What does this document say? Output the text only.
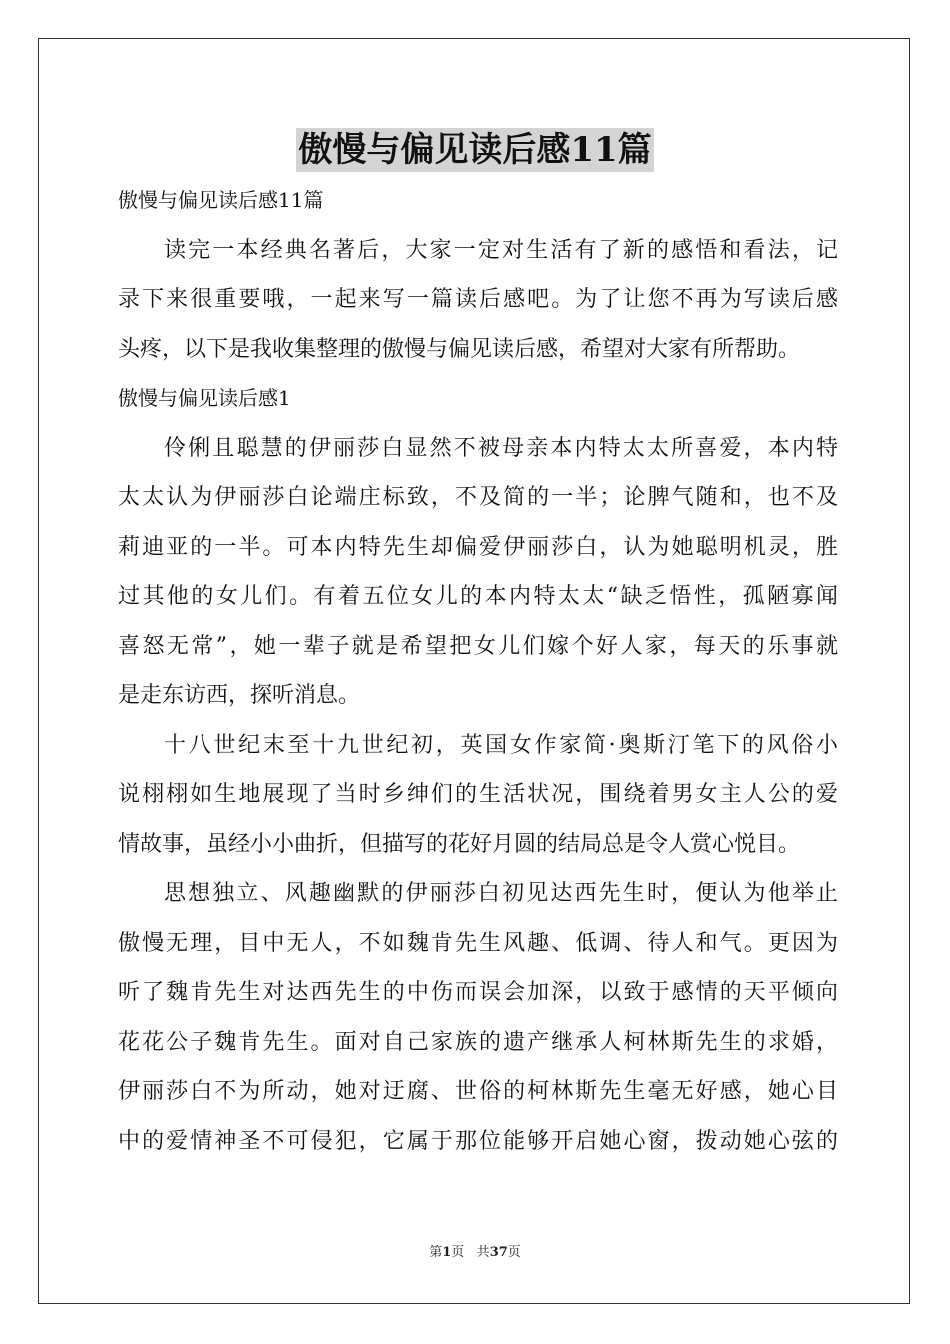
傲慢与偏见读后感11篇
傲慢与偏见读后感11篇
读完一本经典名著后，大家一定对生活有了新的感悟和看法，记
录下来很重要哦，一起来写一篇读后感吧。为了让您不再为写读后感
头疼，以下是我收集整理的傲慢与偏见读后感，希望对大家有所帮助。
傲慢与偏见读后感1
伶俐且聪慧的伊丽莎白显然不被母亲本内特太太所喜爱，本内特
太太认为伊丽莎白论端庄标致，不及简的一半；论脾气随和，也不及
莉迪亚的一半。可本内特先生却偏爱伊丽莎白，认为她聪明机灵，胜
过其他的女儿们。有着五位女儿的本内特太太“缺乏悟性，孤陋寡闻
喜怒无常”，她一辈子就是希望把女儿们嫁个好人家，每天的乐事就
是走东访西，探听消息。
十八世纪末至十九世纪初，英国女作家简·奥斯汀笔下的风俗小
说栩栩如生地展现了当时乡绅们的生活状况，围绕着男女主人公的爱
情故事，虽经小小曲折，但描写的花好月圆的结局总是令人赏心悦目。
思想独立、风趣幽默的伊丽莎白初见达西先生时，便认为他举止
傲慢无理，目中无人，不如魏肯先生风趣、低调、待人和气。更因为
听了魏肯先生对达西先生的中伤而误会加深，以致于感情的天平倾向
花花公子魏肯先生。面对自己家族的遗产继承人柯林斯先生的求婚，
伊丽莎白不为所动，她对迂腐、世俗的柯林斯先生毫无好感，她心目
中的爱情神圣不可侵犯，它属于那位能够开启她心窗，拨动她心弦的
第1页 共37页
